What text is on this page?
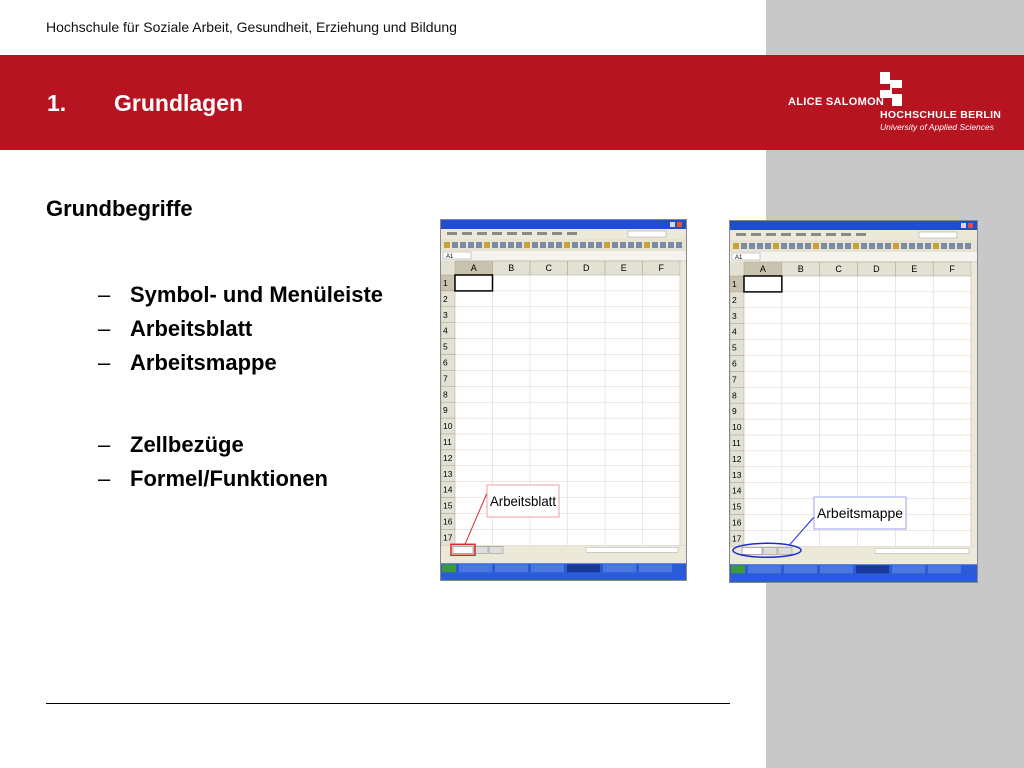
Hochschule für Soziale Arbeit, Gesundheit, Erziehung und Bildung
1. Grundlagen	ALICE SALOMON
HOCHSCHULE BERLIN
University of Applied Sciences
Grundbegriffe
– Symbol- und Menüleiste
– Arbeitsblatt
– Arbeitsmappe
– Zellbezüge
– Formel/Funktionen
A1
A	B	C	D	E	F
1
2
3
4
5
6
7
8
9
10
11
12
13
14
15
16
17
Arbeitsblatt
A1
A	B	C	D	E	F
1
2
3
4
5
6
7
8
9
10
11
12
13
14
15
16
17
Arbeitsmappe
